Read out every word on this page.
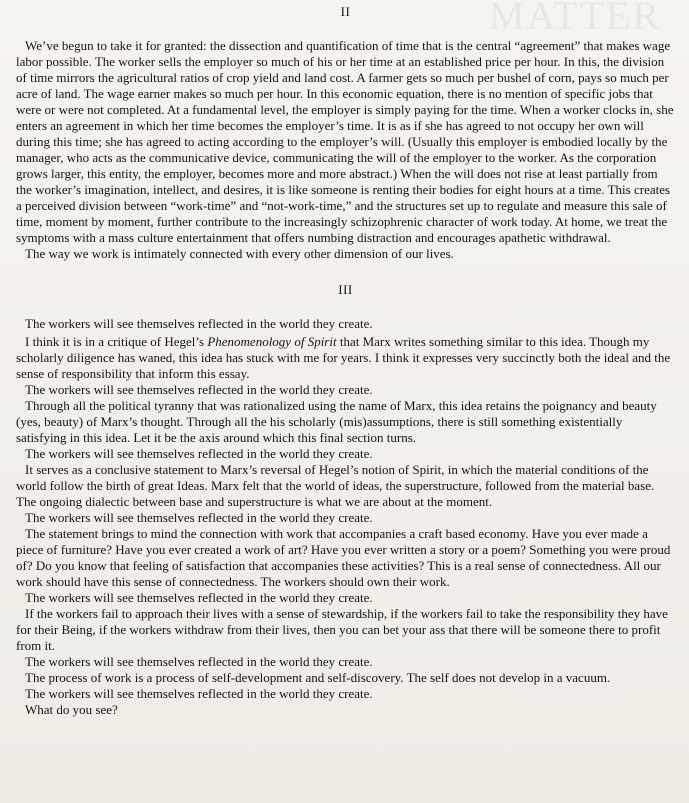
MATTER
II

We’ve begun to take it for granted: the dissection and quantification of time that is the central “agreement” that makes wage labor possible. The worker sells the employer so much of his or her time at an established price per hour. In this, the division of time mirrors the agricultural ratios of crop yield and land cost. A farmer gets so much per bushel of corn, pays so much per acre of land. The wage earner makes so much per hour. In this economic equation, there is no mention of specific jobs that were or were not completed. At a fundamental level, the employer is simply paying for the time. When a worker clocks in, she enters an agreement in which her time becomes the employer’s time. It is as if she has agreed to not occupy her own will during this time; she has agreed to acting according to the employer’s will. (Usually this employer is embodied locally by the manager, who acts as the communicative device, communicating the will of the employer to the worker. As the corporation grows larger, this entity, the employer, becomes more and more abstract.) When the will does not rise at least partially from the worker’s imagination, intellect, and desires, it is like someone is renting their bodies for eight hours at a time. This creates a perceived division between “work-time” and “not-work-time,” and the structures set up to regulate and measure this sale of time, moment by moment, further contribute to the increasingly schizophrenic character of work today. At home, we treat the symptoms with a mass culture entertainment that offers numbing distraction and encourages apathetic withdrawal.

The way we work is intimately connected with every other dimension of our lives.

III

The workers will see themselves reflected in the world they create.

I think it is in a critique of Hegel’s Phenomenology of Spirit that Marx writes something similar to this idea. Though my scholarly diligence has waned, this idea has stuck with me for years. I think it expresses very succinctly both the ideal and the sense of responsibility that inform this essay.

The workers will see themselves reflected in the world they create.

Through all the political tyranny that was rationalized using the name of Marx, this idea retains the poignancy and beauty (yes, beauty) of Marx’s thought. Through all the his scholarly (mis)assumptions, there is still something existentially satisfying in this idea. Let it be the axis around which this final section turns.

The workers will see themselves reflected in the world they create.

It serves as a conclusive statement to Marx’s reversal of Hegel’s notion of Spirit, in which the material conditions of the world follow the birth of great Ideas. Marx felt that the world of ideas, the superstructure, followed from the material base. The ongoing dialectic between base and superstructure is what we are about at the moment.

The workers will see themselves reflected in the world they create.

The statement brings to mind the connection with work that accompanies a craft based economy. Have you ever made a piece of furniture? Have you ever created a work of art? Have you ever written a story or a poem? Something you were proud of? Do you know that feeling of satisfaction that accompanies these activities? This is a real sense of connectedness. All our work should have this sense of connectedness. The workers should own their work.

The workers will see themselves reflected in the world they create.

If the workers fail to approach their lives with a sense of stewardship, if the workers fail to take the responsibility they have for their Being, if the workers withdraw from their lives, then you can bet your ass that there will be someone there to profit from it.

The workers will see themselves reflected in the world they create.

The process of work is a process of self-development and self-discovery. The self does not develop in a vacuum.

The workers will see themselves reflected in the world they create.

What do you see?
